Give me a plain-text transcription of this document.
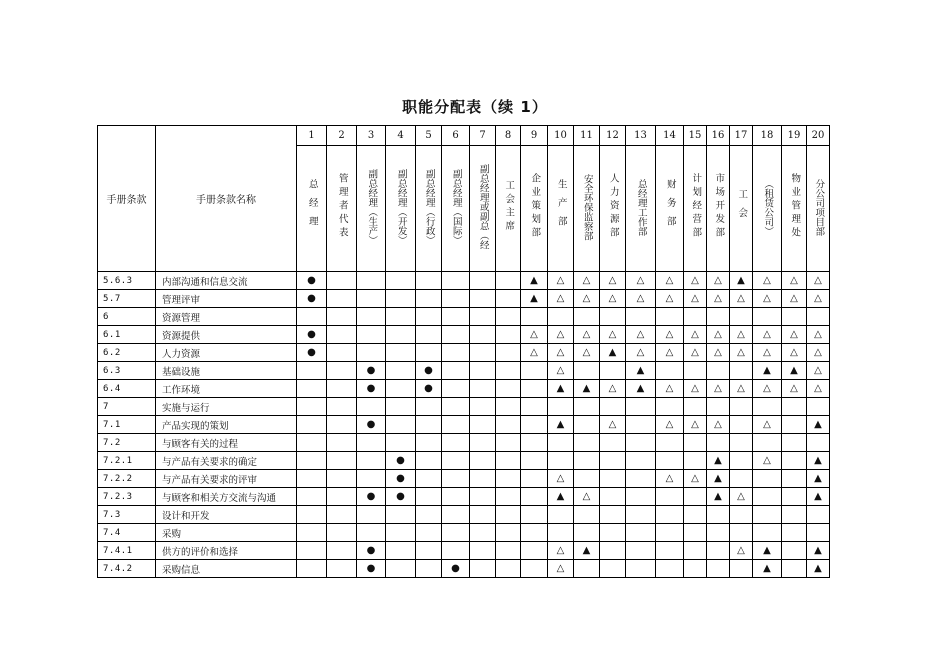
职能分配表（续 1）
手册条款	手册条款名称	1	2	3	4	5	6	7	8	9	10	11	12	13	14	15	16	17	18	19	20
		总经理	管理者代表	副总经理（生产）	副总经理（开发）	副总经理（行政）	副总经理（国际）	副总经理或副总（经	工会主席	企业策划部	生产部	安全环保监察部	人力资源部	总经理工作部	财务部	计划经营部	市场开发部	工会	（租赁公司）	物业管理处	分公司项目部
5.6.3	内部沟通和信息交流	●								▲	△	△	△	△	△	△	△	▲	△	△	△
5.7	管理评审	●								▲	△	△	△	△	△	△	△	△	△	△	△
6	资源管理																				
6.1	资源提供	●								△	△	△	△	△	△	△	△	△	△	△	△
6.2	人力资源	●								△	△	△	▲	△	△	△	△	△	△	△	△
6.3	基础设施			●		●					△			▲					▲	▲	△
6.4	工作环境			●		●					▲	▲	△	▲	△	△	△	△	△	△	△
7	实施与运行																				
7.1	产品实现的策划			●							▲		△		△	△	△		△		▲
7.2	与顾客有关的过程																				
7.2.1	与产品有关要求的确定				●												▲		△		▲
7.2.2	与产品有关要求的评审				●						△				△	△	▲				▲
7.2.3	与顾客和相关方交流与沟通			●	●						▲	△					▲	△			▲
7.3	设计和开发																				
7.4	采购																				
7.4.1	供方的评价和选择			●							△	▲						△	▲		▲
7.4.2	采购信息			●			●				△								▲		▲
